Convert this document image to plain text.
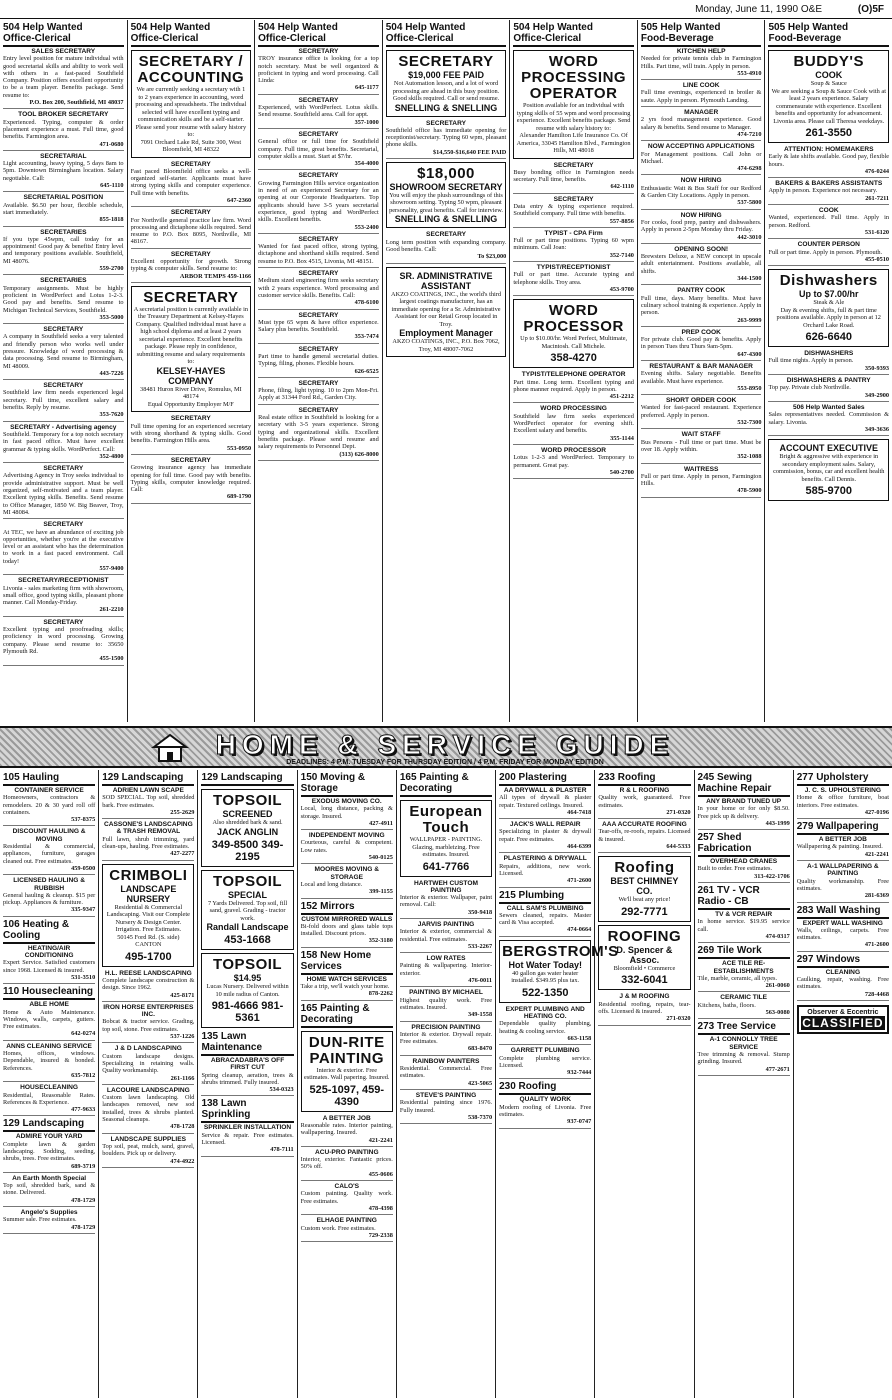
Monday, June 11, 1990 O&E	(O)5F
504 Help Wanted
Office-Clerical
SALES SECRETARY
Entry level position for mature individual with good secretarial skills and ability to work well with others in a fast-paced Southfield Company. Position offers excellent opportunity to be a team player. Benefits package. Send resume to:
P.O. Box 200, Southfield, MI 48037
TOOL BROKER SECRETARY
Experienced. Typing, computer & order placement experience a must. Full time, good benefits. Farmington area.
471-0680
SECRETARIAL
Light accounting, heavy typing, 5 days 8am to 5pm. Downtown Birmingham location. Salary negotiable. Call:
645-1110
SECRETARIAL POSITION
Available. $6.50 per hour, flexible schedule, start immediately.
855-1818
SECRETARIES
If you type 45wpm, call today for an appointment! Good pay & benefits! Entry level and temporary positions available. Southfield, MI 48076.
559-2700
SECRETARIES
Temporary assignments. Must be highly proficient in WordPerfect and Lotus 1-2-3. Good pay and benefits. Send resume to Michigan Technical Services, Southfield.
353-5000
SECRETARY
A company in Southfield seeks a very talented and friendly person who works well under pressure. Knowledge of word processing & data processing. Send resume to Birmingham, MI 48009.
443-7226
SECRETARY
Southfield law firm needs experienced legal secretary. Full time, excellent salary and benefits. Reply by resume.
353-7620
SECRETARY - Advertising agency
Southfield. Temporary for a top notch secretary in fast paced office. Must have excellent grammar & typing skills. WordPerfect. Call:
352-4800
SECRETARY
Advertising Agency in Troy seeks individual to provide administrative support. Must be well organized, self-motivated and a team player. Excellent typing skills. Benefits. Send resume to Office Manager, 1850 W. Big Beaver, Troy, MI 48084.
SECRETARY
At TEC, we have an abundance of exciting job opportunities, whether you're at the executive level or an assistant who has the determination to work in a fast paced environment. Call today!
557-9400
SECRETARY/RECEPTIONIST
Livonia - sales marketing firm with showroom, small office, good typing skills, pleasant phone manner. Call Monday-Friday.
261-2210
SECRETARY
Excellent typing and proofreading skills; proficiency in word processing. Growing company. Please send resume to: 35650 Plymouth Rd.
455-1500
504 Help Wanted
Office-Clerical
SECRETARY / ACCOUNTING
We are currently seeking a secretary with 1 to 2 years experience in accounting, word processing and spreadsheets. The individual selected will have excellent typing and communication skills and be a self-starter. Please send your resume with salary history to:
7091 Orchard Lake Rd, Suite 300, West Bloomfield, MI 48322
SECRETARY
Fast paced Bloomfield office seeks a well-organized self-starter. Applicants must have strong typing skills and computer experience. Full time with benefits.
647-2360
SECRETARY
For Northville general practice law firm. Word processing and dictaphone skills required. Send resume to P.O. Box 8095, Northville, MI 48167.
SECRETARY
Excellent opportunity for growth. Strong typing & computer skills. Send resume to:
ARBOR TEMPS 459-1166
SECRETARY
A secretarial position is currently available in the Treasury Department at Kelsey-Hayes Company. Qualified individual must have a high school diploma and at least 2 years secretarial experience. Excellent benefits package. Please reply in confidence, submitting resume and salary requirements to:
KELSEY-HAYES COMPANY
38481 Huron River Drive, Romulus, MI 48174
Equal Opportunity Employer M/F
SECRETARY
Full time opening for an experienced secretary with strong shorthand & typing skills. Good benefits. Farmington Hills area.
553-0950
SECRETARY
Growing insurance agency has immediate opening for full time. Good pay with benefits. Typing skills, computer knowledge required. Call:
689-1790
504 Help Wanted
Office-Clerical
SECRETARY
TROY insurance office is looking for a top notch secretary. Must be well organized & proficient in typing and word processing. Call Linda:
645-1177
SECRETARY
Experienced, with WordPerfect. Lotus skills. Send resume. Southfield area. Call for appt.
357-1000
SECRETARY
General office or full time for Southfield company. Full time, great benefits. Secretarial, computer skills a must. Start at $7/hr.
354-4000
SECRETARY
Growing Farmington Hills service organization in need of an experienced Secretary for an opening at our Corporate Headquarters. Top applicants should have 3-5 years secretarial experience, good typing and WordPerfect skills. Excellent benefits.
553-2400
SECRETARY
Wanted for fast paced office, strong typing, dictaphone and shorthand skills required. Send resume to P.O. Box 4515, Livonia, MI 48151.
SECRETARY
Medium sized engineering firm seeks secretary with 2 years experience. Word processing and customer service skills. Benefits. Call:
478-6100
SECRETARY
Must type 65 wpm & have office experience. Salary plus benefits. Southfield.
353-7474
SECRETARY
Part time to handle general secretarial duties. Typing, filing, phones. Flexible hours.
626-6525
SECRETARY
Phone, filing, light typing. 10 to 2pm Mon-Fri. Apply at 31344 Ford Rd., Garden City.
SECRETARY
Real estate office in Southfield is looking for a secretary with 3-5 years experience. Strong typing and organizational skills. Excellent benefits package. Please send resume and salary requirements to Personnel Dept.
(313) 626-8000
504 Help Wanted
Office-Clerical
SECRETARY
$19,000 FEE PAID
Not Automation lesson, and a lot of word processing are ahead in this busy position. Good skills required. Call or send resume.
SNELLING & SNELLING
SECRETARY
Southfield office has immediate opening for receptionist/secretary. Typing 60 wpm, pleasant phone skills.
$14,550-$16,640 FEE PAID
$18,000
SHOWROOM SECRETARY
You will enjoy the plush surroundings of this showroom setting. Typing 50 wpm, pleasant personality, great benefits. Call for interview.
SNELLING & SNELLING
SECRETARY
Long term position with expanding company. Good benefits. Call:
To $23,000
SR. ADMINISTRATIVE ASSISTANT
AKZO COATINGS, INC., the world's third largest coatings manufacturer, has an immediate opening for a Sr. Administrative Assistant for our Retail Group located in Troy.
Employment Manager
AKZO COATINGS, INC., P.O. Box 7062, Troy, MI 48007-7062
504 Help Wanted
Office-Clerical
WORD PROCESSING OPERATOR
Position available for an individual with typing skills of 55 wpm and word processing experience. Excellent benefits package. Send resume with salary history to:
Alexander Hamilton Life Insurance Co. Of America, 33045 Hamilton Blvd., Farmington Hills, MI 48018
SECRETARY
Busy bonding office in Farmington needs secretary. Full time, benefits.
642-1110
SECRETARY
Data entry & typing experience required. Southfield company. Full time with benefits.
557-8856
TYPIST - CPA Firm
Full or part time positions. Typing 60 wpm minimum. Call Joan:
352-7140
TYPIST/RECEPTIONIST
Full or part time. Accurate typing and telephone skills. Troy area.
453-9700
WORD PROCESSOR
Up to $10.00/hr. Word Perfect, Multimate, Macintosh. Call Michele.
358-4270
TYPIST/TELEPHONE OPERATOR
Part time. Long term. Excellent typing and phone manner required. Apply in person.
451-2212
WORD PROCESSING
Southfield law firm seeks experienced WordPerfect operator for evening shift. Excellent salary and benefits.
355-1144
WORD PROCESSOR
Lotus 1-2-3 and WordPerfect. Temporary to permanent. Great pay.
540-2700
505 Help Wanted
Food-Beverage
KITCHEN HELP
Needed for private tennis club in Farmington Hills. Part time, will train. Apply in person.
553-4910
LINE COOK
Full time evenings, experienced in broiler & saute. Apply in person. Plymouth Landing.
MANAGER
2 yrs food management experience. Good salary & benefits. Send resume to Manager.
474-7210
NOW ACCEPTING APPLICATIONS
For Management positions. Call John or Michael.
474-6298
NOW HIRING
Enthusiastic Wait & Bus Staff for our Redford & Garden City Locations. Apply in person.
537-5800
NOW HIRING
For cooks, food prep, pantry and dishwashers. Apply in person 2-5pm Monday thru Friday.
442-3010
OPENING SOON!
Brewsters Deluxe, a NEW concept in upscale adult entertainment. Positions available, all shifts.
344-1500
PANTRY COOK
Full time, days. Many benefits. Must have culinary school training & experience. Apply in person.
263-9999
PREP COOK
For private club. Good pay & benefits. Apply in person Tues thru Thurs 9am-5pm.
647-4300
RESTAURANT & BAR MANAGER
Evening shifts. Salary negotiable. Benefits available. Must have experience.
553-8950
SHORT ORDER COOK
Wanted for fast-paced restaurant. Experience preferred. Apply in person.
532-7300
WAIT STAFF
Bus Persons - Full time or part time. Must be over 18. Apply within.
352-1088
WAITRESS
Full or part time. Apply in person, Farmington Hills.
478-5900
505 Help Wanted
Food-Beverage
BUDDY'S
COOK
Soup & Sauce
We are seeking a Soup & Sauce Cook with at least 2 years experience. Salary commensurate with experience. Excellent benefits and opportunity for advancement. Livonia area. Please call Theresa weekdays.
261-3550
ATTENTION: HOMEMAKERS
Early & late shifts available. Good pay, flexible hours.
476-0244
BAKERS & BAKERS ASSISTANTS
Apply in person. Experience not necessary.
261-7211
COOK
Wanted, experienced. Full time. Apply in person. Redford.
531-6120
COUNTER PERSON
Full or part time. Apply in person. Plymouth.
455-0510
Dishwashers
Up to $7.00/hr
Steak & Ale
Day & evening shifts, full & part time positions available. Apply in person at 12 Orchard Lake Road.
626-6640
DISHWASHERS
Full time nights. Apply in person.
350-9393
DISHWASHERS & PANTRY
Top pay. Private club Northville.
349-2900
506 Help Wanted Sales
Sales representatives needed. Commission & salary. Livonia.
349-3636
ACCOUNT EXECUTIVE
Bright & aggressive with experience in secondary employment sales. Salary, commission, bonus, car and excellent health benefits. Call Dennis.
585-9700
HOME & SERVICE GUIDE
DEADLINES: 4 P.M. TUESDAY FOR THURSDAY EDITION / 4 P.M. FRIDAY FOR MONDAY EDITION
105 Hauling
CONTAINER SERVICE
Homeowners, contractors & remodelers. 20 & 30 yard roll off containers.
537-8375
DISCOUNT HAULING & MOVING
Residential & commercial, appliances, furniture, garages cleaned out. Free estimates.
459-0500
LICENSED HAULING & RUBBISH
General hauling & cleanup. $15 per pickup. Appliances & furniture.
335-9347
106 Heating & Cooling
HEATING/AIR CONDITIONING
Expert Service. Satisfied customers since 1968. Licensed & insured.
531-3510
110 Housecleaning
ABLE HOME
Home & Auto Maintenance. Windows, walls, carpets, gutters. Free estimates.
642-0274
ANNS CLEANING SERVICE
Homes, offices, windows. Dependable, insured & bonded. References.
635-7812
HOUSECLEANING
Residential, Reasonable Rates. References & Experience.
477-9633
129 Landscaping
ADMIRE YOUR YARD
Complete lawn & garden landscaping. Sodding, seeding, shrubs, trees. Free estimates.
689-3719
An Earth Month Special
Top soil, shredded bark, sand & stone. Delivered.
478-1729
Angelo's Supplies
Summer sale. Free estimates.
478-1729
129 Landscaping
ADRIEN LAWN SCAPE
SOD SPECIAL. Top soil, shredded bark. Free estimates.
255-2629
CASSONE'S LANDSCAPING & TRASH REMOVAL
Full lawn, shrub trimming, yard clean-ups, hauling. Free estimates.
427-2277
CRIMBOLI
LANDSCAPE NURSERY
Residential & Commercial Landscaping. Visit our Complete Nursery & Design Center. Irrigation. Free Estimates.
50145 Ford Rd. (S. side) CANTON
495-1700
H.L. REESE LANDSCAPING
Complete landscape construction & design. Since 1962.
425-8171
IRON HORSE ENTERPRISES INC.
Bobcat & tractor service. Grading, top soil, stone. Free estimates.
537-1226
J & D LANDSCAPING
Custom landscape designs. Specializing in retaining walls. Quality workmanship.
261-1166
LACOURE LANDSCAPING
Custom lawn landscaping. Old landscapes removed, new sod installed, trees & shrubs planted. Seasonal cleanups.
478-1728
LANDSCAPE SUPPLIES
Top soil, peat, mulch, sand, gravel, boulders. Pick up or delivery.
474-4922
129 Landscaping
TOPSOIL
SCREENED
Also shredded bark & sand.
JACK ANGLIN
349-8500 349-2195
TOPSOIL
SPECIAL
7 Yards Delivered. Top soil, fill sand, gravel. Grading - tractor work.
Randall Landscape
453-1668
TOPSOIL
$14.95
Lucas Nursery. Delivered within 10 mile radius of Canton.
981-4666 981-5361
135 Lawn Maintenance
ABRACADABRA'S OFF FIRST CUT
Spring cleanup, aeration, trees & shrubs trimmed. Fully insured.
534-0323
138 Lawn Sprinkling
SPRINKLER INSTALLATION
Service & repair. Free estimates. Licensed.
478-7111
150 Moving & Storage
EXODUS MOVING CO.
Local, long distance, packing & storage. Insured.
427-4911
INDEPENDENT MOVING
Courteous, careful & competent. Low rates.
540-0125
MOORES MOVING & STORAGE
Local and long distance.
399-1155
152 Mirrors
CUSTOM MIRRORED WALLS
Bi-fold doors and glass table tops installed. Discount prices.
352-3180
158 New Home Services
HOME WATCH SERVICES
Take a trip, we'll watch your home.
878-2262
165 Painting & Decorating
DUN-RITE PAINTING
Interior & exterior. Free estimates. Wall papering. Insured.
525-1097, 459-4390
A BETTER JOB
Reasonable rates. Interior painting, wallpapering. Insured.
421-2241
ACU-PRO PAINTING
Interior, exterior. Fantastic prices. 50% off.
455-0606
CALO'S
Custom painting. Quality work. Free estimates.
478-4398
ELHAGE PAINTING
Custom work. Free estimates.
729-2338
165 Painting & Decorating
European Touch
WALLPAPER - PAINTING. Glazing, marbleizing. Free estimates. Insured.
641-7766
HARTWEH CUSTOM PAINTING
Interior & exterior. Wallpaper, paint removal. Call:
350-9418
JARVIS PAINTING
Interior & exterior, commercial & residential. Free estimates.
533-2267
LOW RATES
Painting & wallpapering. Interior-exterior.
476-0011
PAINTING BY MICHAEL
Highest quality work. Free estimates. Insured.
349-1558
PRECISION PAINTING
Interior & exterior. Drywall repair. Free estimates.
683-8470
RAINBOW PAINTERS
Residential. Commercial. Free estimates.
423-5065
STEVE'S PAINTING
Residential painting since 1976. Fully insured.
538-7370
200 Plastering
AA DRYWALL & PLASTER
All types of drywall & plaster repair. Textured ceilings. Insured.
464-7418
JACK'S WALL REPAIR
Specializing in plaster & drywall repair. Free estimates.
464-6399
PLASTERING & DRYWALL
Repairs, additions, new work. Licensed.
471-2600
215 Plumbing
CALL SAM'S PLUMBING
Sewers cleaned, repairs. Master card & Visa accepted.
474-0664
BERGSTROM'S
Hot Water Today!
40 gallon gas water heater installed. $349.95 plus tax.
522-1350
EXPERT PLUMBING AND HEATING CO.
Dependable quality plumbing, heating & cooling service.
663-1158
GARRETT PLUMBING
Complete plumbing service. Licensed.
932-7444
230 Roofing
QUALITY WORK
Modern roofing of Livonia. Free estimates.
937-0747
233 Roofing
R & L ROOFING
Quality work, guaranteed. Free estimates.
271-0320
AAA ACCURATE ROOFING
Tear-offs, re-roofs, repairs. Licensed & insured.
644-5333
Roofing
BEST CHIMNEY CO.
We'll beat any price!
292-7771
ROOFING
D. Spencer & Assoc.
Bloomfield • Commerce
332-6041
J & M ROOFING
Residential roofing, repairs, tear-offs. Licensed & insured.
271-0320
245 Sewing Machine Repair
ANY BRAND TUNED UP
In your home or for only $8.50. Free pick up & delivery.
443-1999
257 Shed Fabrication
OVERHEAD CRANES
Built to order. Free estimates.
313-422-1706
261 TV - VCR Radio - CB
TV & VCR REPAIR
In home service. $19.95 service call.
474-0317
269 Tile Work
ACE TILE RE-ESTABLISHMENTS
Tile, marble, ceramic, all types.
261-0060
CERAMIC TILE
Kitchens, baths, floors.
563-0080
273 Tree Service
A-1 CONNOLLY TREE SERVICE
Tree trimming & removal. Stump grinding. Insured.
477-2671
277 Upholstery
J. C. S. UPHOLSTERING
Home & office furniture, boat interiors. Free estimates.
427-0196
279 Wallpapering
A BETTER JOB
Wallpapering & painting. Insured.
421-2241
A-1 WALLPAPERING & PAINTING
Quality workmanship. Free estimates.
281-6369
283 Wall Washing
EXPERT WALL WASHING
Walls, ceilings, carpets. Free estimates.
471-2600
297 Windows
CLEANING
Caulking, repair, washing. Free estimates.
728-4468
Observer & Eccentric
CLASSIFIED
